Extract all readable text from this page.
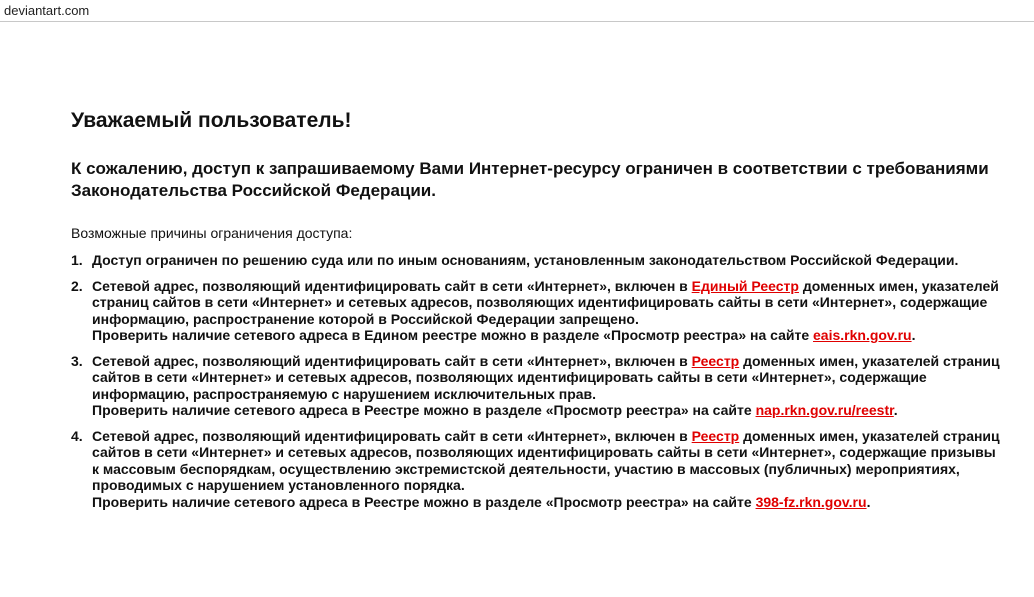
deviantart.com
Уважаемый пользователь!
К сожалению, доступ к запрашиваемому Вами Интернет-ресурсу ограничен в соответствии с требованиями Законодательства Российской Федерации.
Возможные причины ограничения доступа:
1. Доступ ограничен по решению суда или по иным основаниям, установленным законодательством Российской Федерации.
2. Сетевой адрес, позволяющий идентифицировать сайт в сети «Интернет», включен в Единый Реестр доменных имен, указателей страниц сайтов в сети «Интернет» и сетевых адресов, позволяющих идентифицировать сайты в сети «Интернет», содержащие информацию, распространение которой в Российской Федерации запрещено.
Проверить наличие сетевого адреса в Едином реестре можно в разделе «Просмотр реестра» на сайте eais.rkn.gov.ru.
3. Сетевой адрес, позволяющий идентифицировать сайт в сети «Интернет», включен в Реестр доменных имен, указателей страниц сайтов в сети «Интернет» и сетевых адресов, позволяющих идентифицировать сайты в сети «Интернет», содержащие информацию, распространяемую с нарушением исключительных прав.
Проверить наличие сетевого адреса в Реестре можно в разделе «Просмотр реестра» на сайте nap.rkn.gov.ru/reestr.
4. Сетевой адрес, позволяющий идентифицировать сайт в сети «Интернет», включен в Реестр доменных имен, указателей страниц сайтов в сети «Интернет» и сетевых адресов, позволяющих идентифицировать сайты в сети «Интернет», содержащие призывы к массовым беспорядкам, осуществлению экстремистской деятельности, участию в массовых (публичных) мероприятиях, проводимых с нарушением установленного порядка.
Проверить наличие сетевого адреса в Реестре можно в разделе «Просмотр реестра» на сайте 398-fz.rkn.gov.ru.
